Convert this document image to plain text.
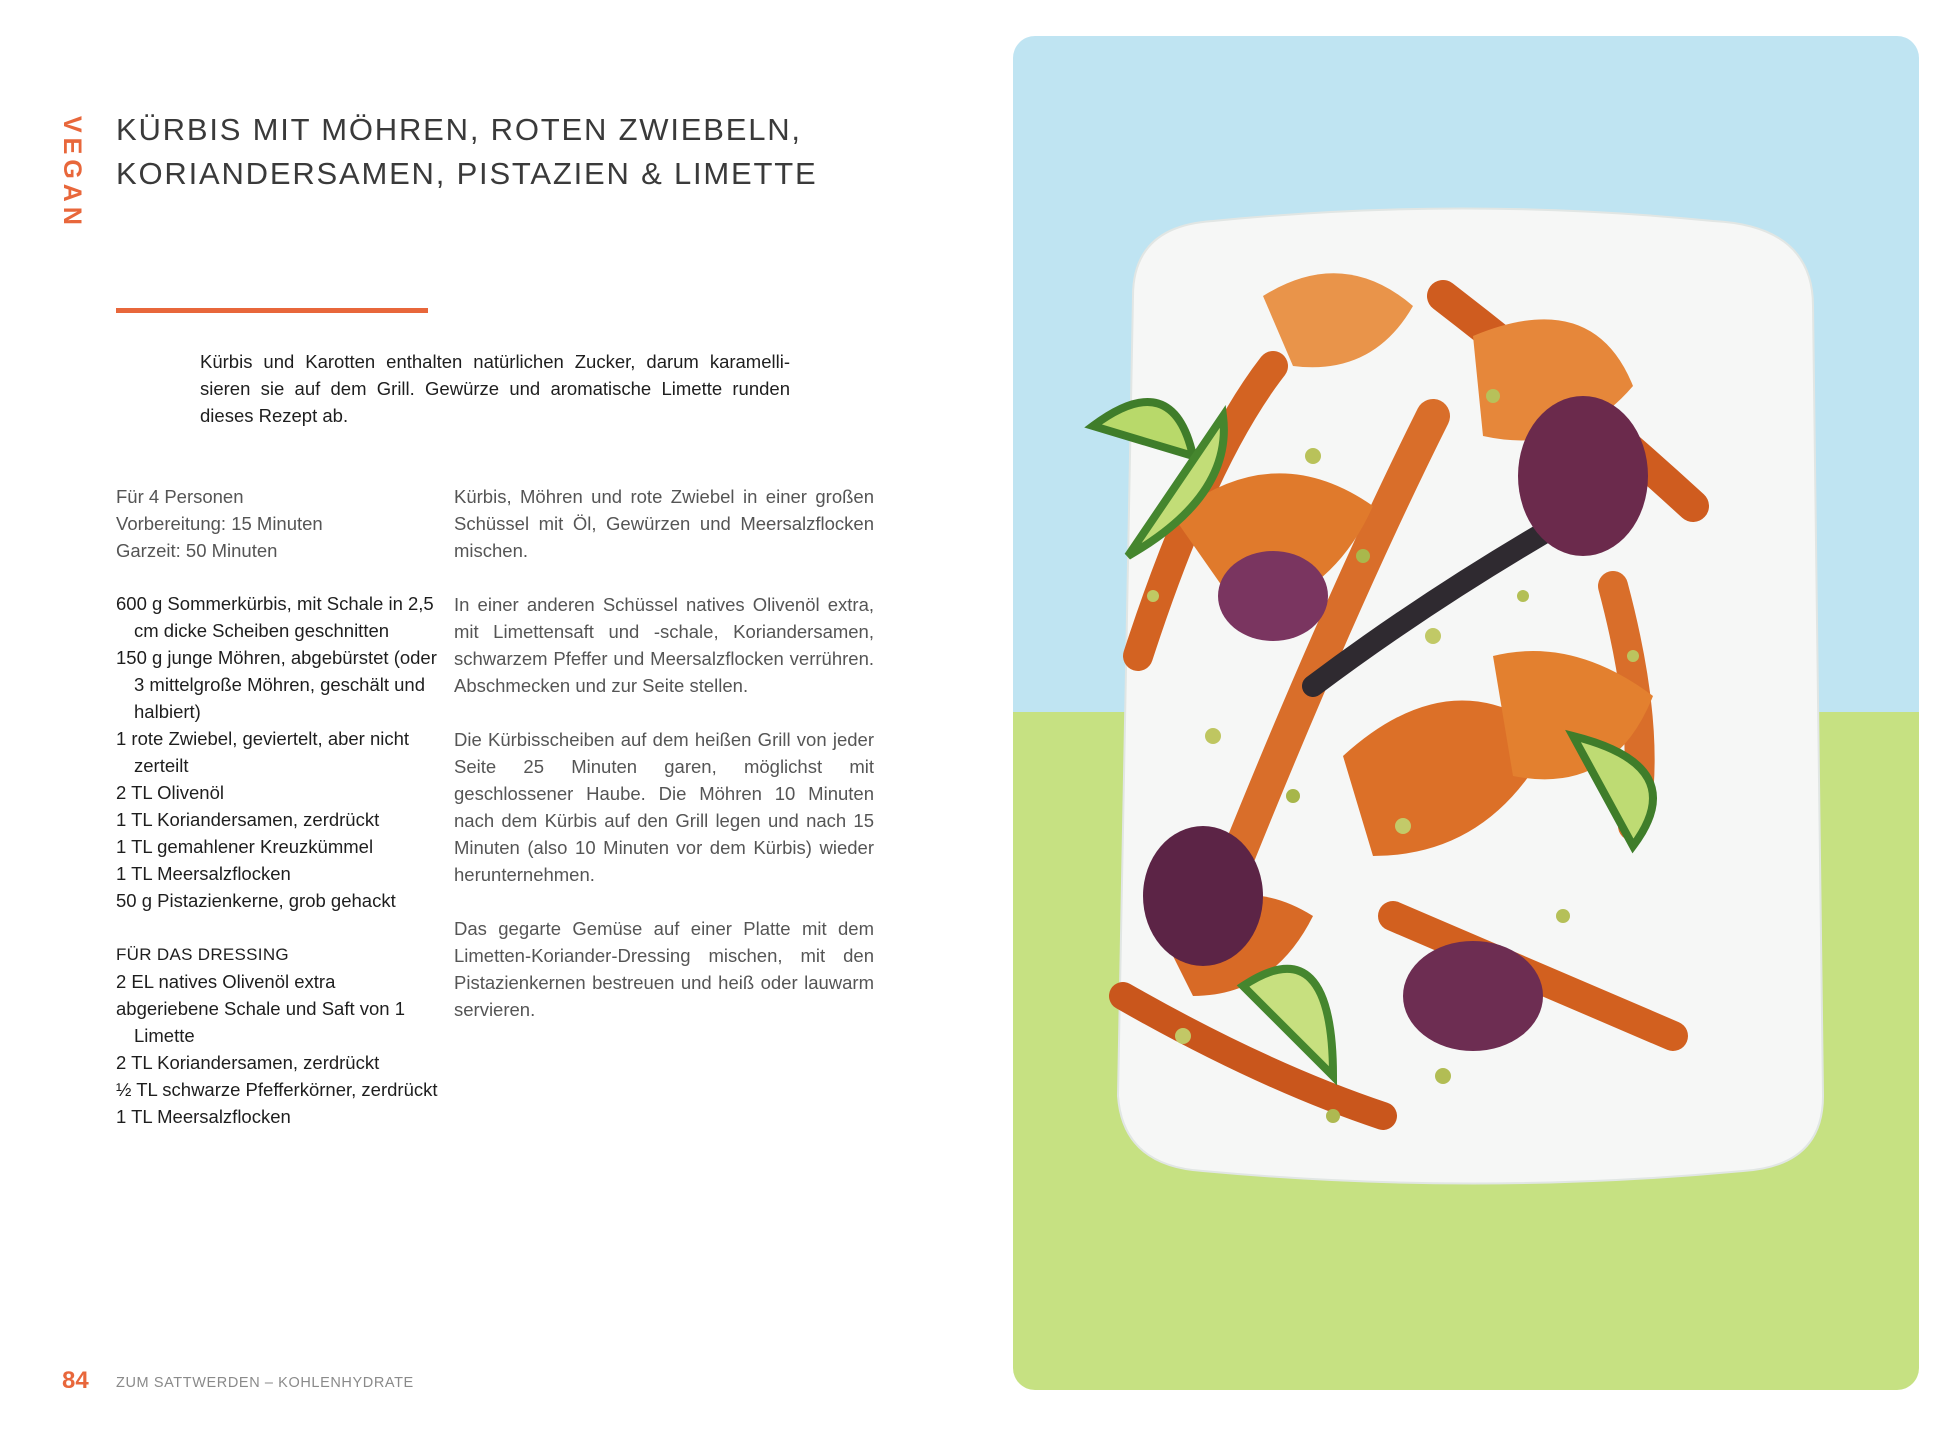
VEGAN KÜRBIS MIT MÖHREN, ROTEN ZWIEBELN,
KORIANDERSAMEN, PISTAZIEN & LIMETTE
Kürbis und Karotten enthalten natürlichen Zucker, darum karamelli- sieren sie auf dem Grill. Gewürze und aromatische Limette runden dieses Rezept ab.
Für 4 Personen
Vorbereitung: 15 Minuten
Garzeit: 50 Minuten
600 g Sommerkürbis, mit Schale in 2,5 cm dicke Scheiben geschnitten
150 g junge Möhren, abgebürstet (oder 3 mittelgroße Möhren, geschält und halbiert)
1 rote Zwiebel, geviertelt, aber nicht zerteilt
2 TL Olivenöl
1 TL Koriandersamen, zerdrückt
1 TL gemahlener Kreuzkümmel
1 TL Meersalzflocken
50 g Pistazienkerne, grob gehackt
FÜR DAS DRESSING
2 EL natives Olivenöl extra
abgeriebene Schale und Saft von 1 Limette
2 TL Koriandersamen, zerdrückt
½ TL schwarze Pfefferkörner, zerdrückt
1 TL Meersalzflocken

Kürbis, Möhren und rote Zwiebel in einer großen Schüssel mit Öl, Gewürzen und Meersalzflocken mischen.

In einer anderen Schüssel natives Olivenöl extra, mit Limettensaft und -schale, Koriandersamen, schwarzem Pfeffer und Meersalzflocken verrühren. Abschmecken und zur Seite stellen.

Die Kürbisscheiben auf dem heißen Grill von jeder Seite 25 Minuten garen, möglichst mit geschlossener Haube. Die Möhren 10 Minuten nach dem Kürbis auf den Grill legen und nach 15 Minuten (also 10 Minuten vor dem Kürbis) wieder herunternehmen.

Das gegarte Gemüse auf einer Platte mit dem Limetten-Koriander-Dressing mischen, mit den Pistazienkernen bestreuen und heiß oder lauwarm servieren.

84 ZUM SATTWERDEN – KOHLENHYDRATE
